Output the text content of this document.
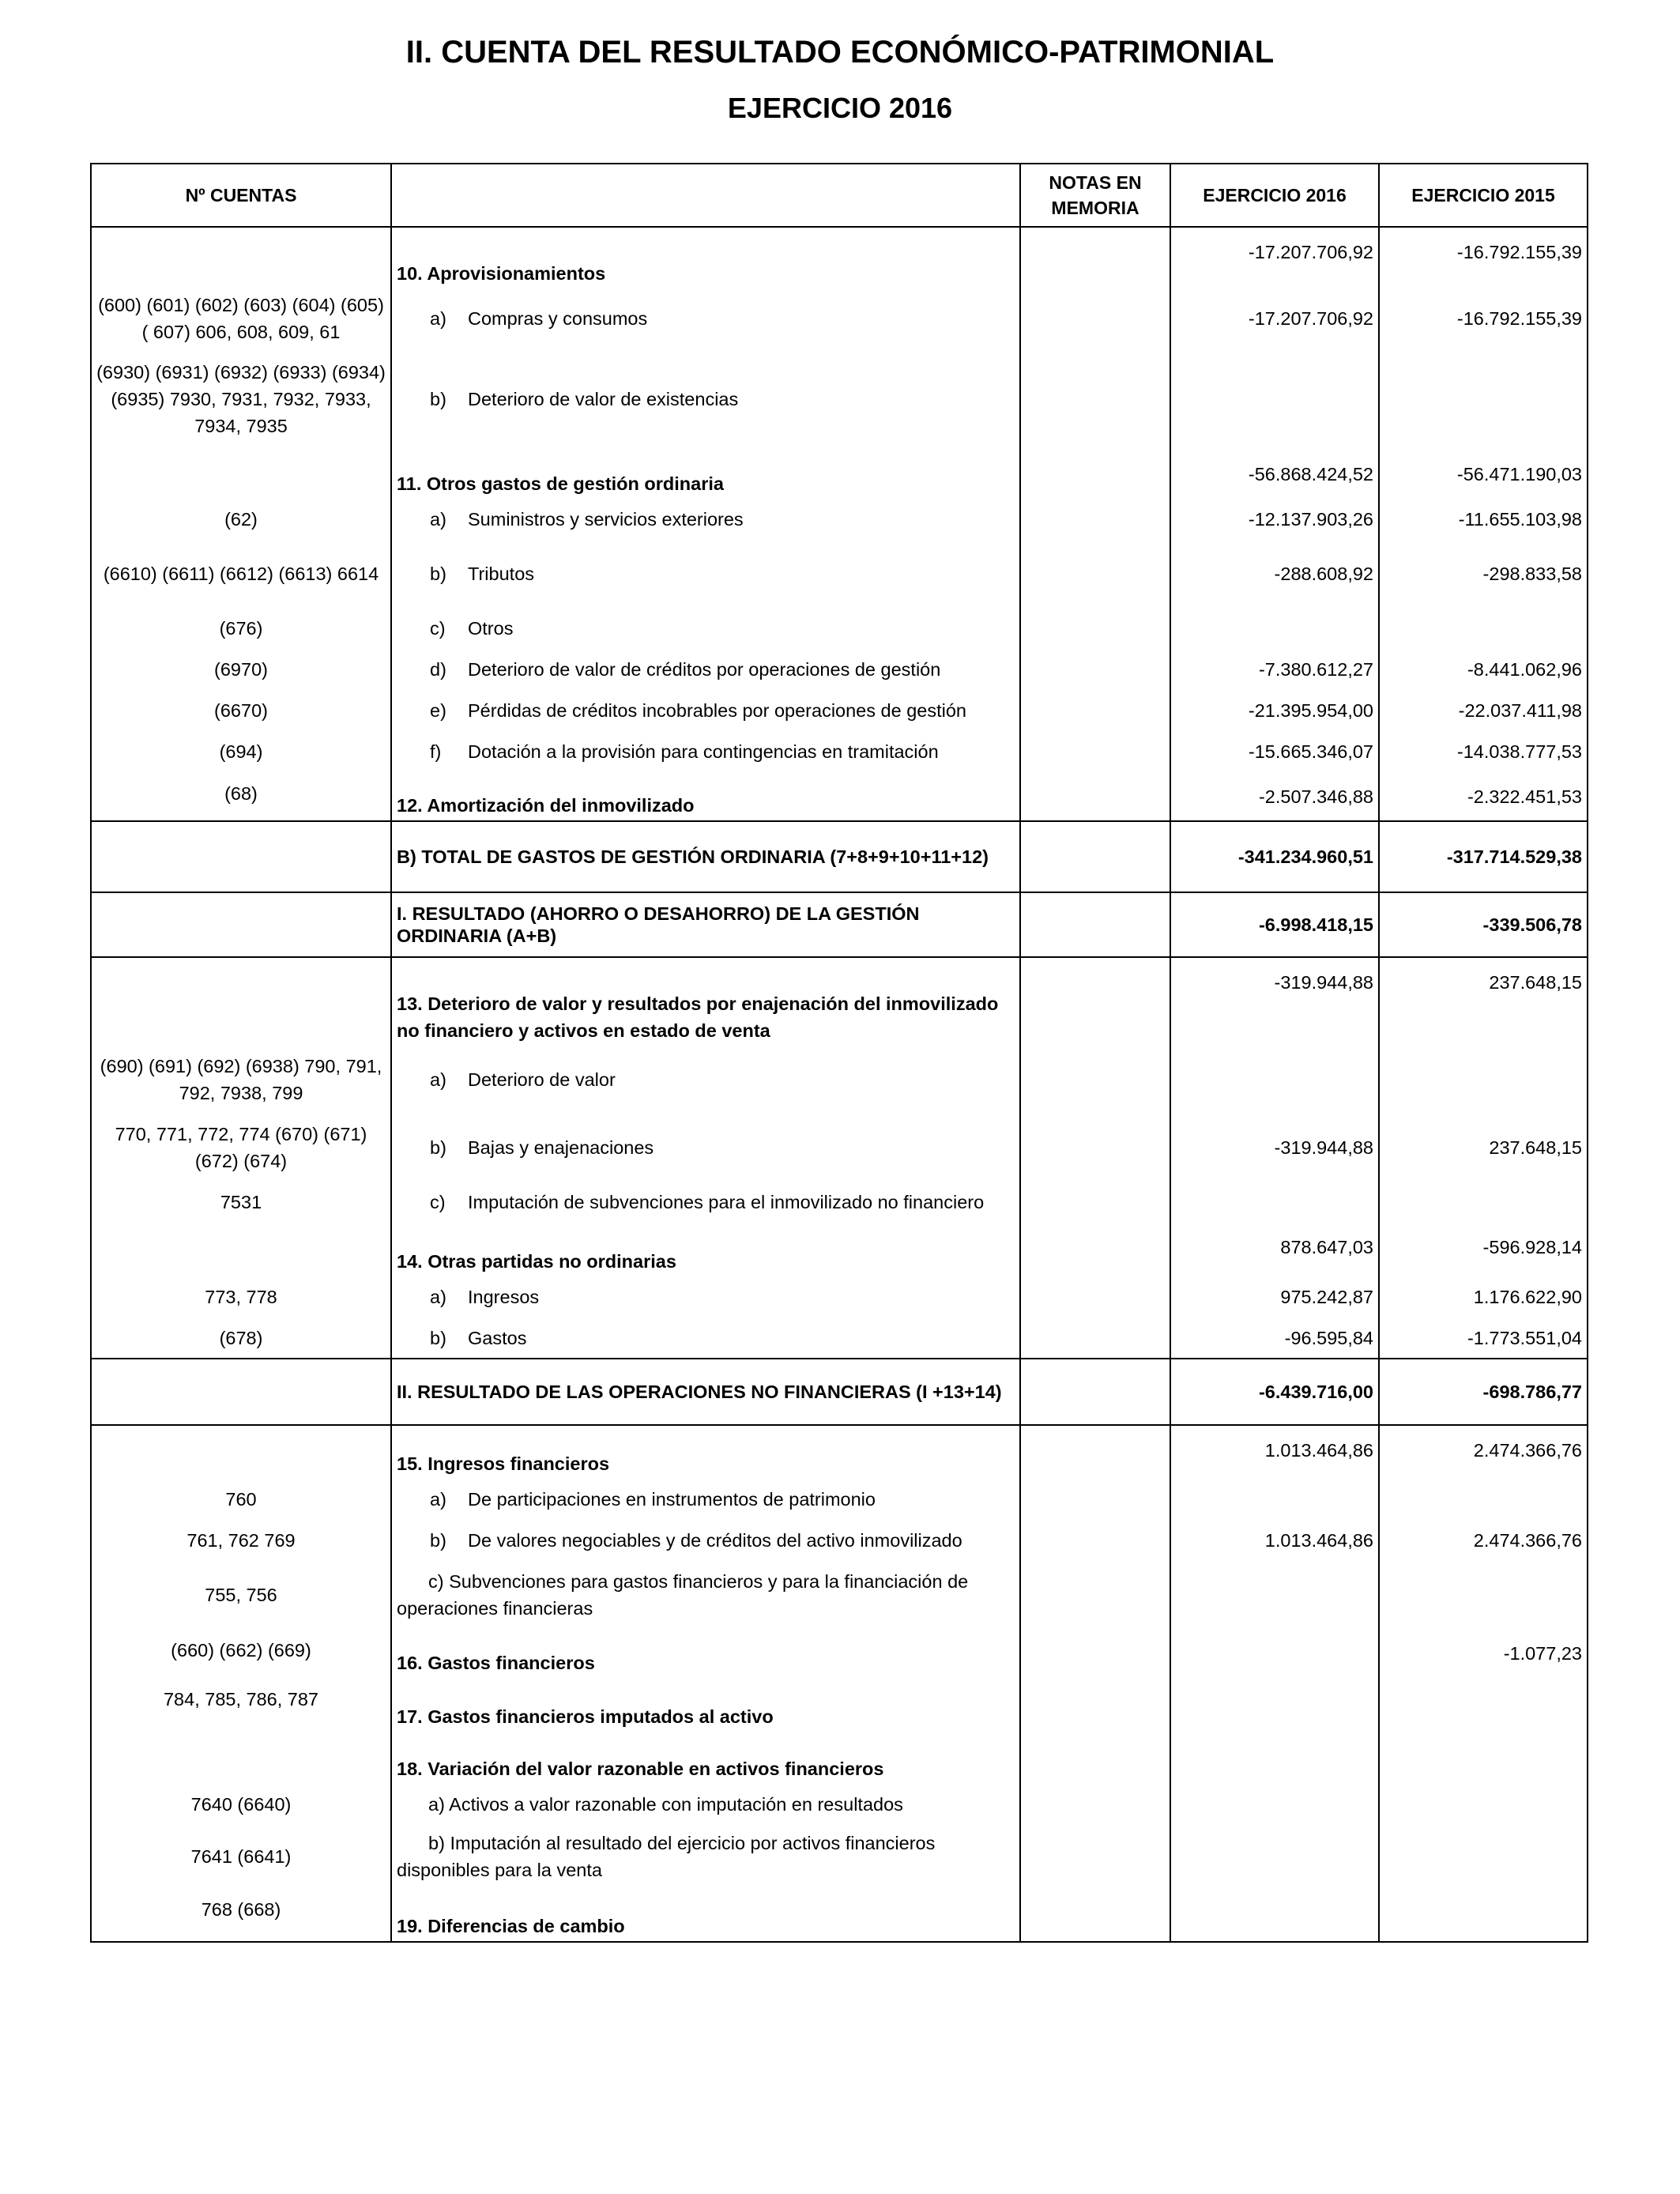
II. CUENTA DEL RESULTADO ECONÓMICO-PATRIMONIAL
EJERCICIO 2016
Nº CUENTAS		NOTAS EN MEMORIA	EJERCICIO 2016	EJERCICIO 2015
	10. Aprovisionamientos		-17.207.706,92	-16.792.155,39
(600) (601) (602) (603) (604) (605) ( 607) 606, 608, 609, 61	a) Compras y consumos		-17.207.706,92	-16.792.155,39
(6930) (6931) (6932) (6933) (6934) (6935) 7930, 7931, 7932, 7933, 7934, 7935	b) Deterioro de valor de existencias			
	11. Otros gastos de gestión ordinaria		-56.868.424,52	-56.471.190,03
(62)	a) Suministros y servicios exteriores		-12.137.903,26	-11.655.103,98
(6610) (6611) (6612) (6613) 6614	b) Tributos		-288.608,92	-298.833,58
(676)	c) Otros			
(6970)	d) Deterioro de valor de créditos por operaciones de gestión		-7.380.612,27	-8.441.062,96
(6670)	e) Pérdidas de créditos incobrables por operaciones de gestión		-21.395.954,00	-22.037.411,98
(694)	f) Dotación a la provisión para contingencias en tramitación		-15.665.346,07	-14.038.777,53
(68)	12. Amortización del inmovilizado		-2.507.346,88	-2.322.451,53
	B) TOTAL DE GASTOS DE GESTIÓN ORDINARIA (7+8+9+10+11+12)		-341.234.960,51	-317.714.529,38
	I. RESULTADO (AHORRO O DESAHORRO) DE LA GESTIÓN ORDINARIA (A+B)		-6.998.418,15	-339.506,78
	13. Deterioro de valor y resultados por enajenación del inmovilizado no financiero y activos en estado de venta		-319.944,88	237.648,15
(690) (691) (692) (6938) 790, 791, 792, 7938, 799	a) Deterioro de valor			
770, 771, 772, 774 (670) (671) (672) (674)	b) Bajas y enajenaciones		-319.944,88	237.648,15
7531	c) Imputación de subvenciones para el inmovilizado no financiero			
	14. Otras partidas no ordinarias		878.647,03	-596.928,14
773, 778	a) Ingresos		975.242,87	1.176.622,90
(678)	b) Gastos		-96.595,84	-1.773.551,04
	II. RESULTADO DE LAS OPERACIONES NO FINANCIERAS (I +13+14)		-6.439.716,00	-698.786,77
	15. Ingresos financieros		1.013.464,86	2.474.366,76
760	a) De participaciones en instrumentos de patrimonio			
761, 762 769	b) De valores negociables y de créditos del activo inmovilizado		1.013.464,86	2.474.366,76
755, 756	c) Subvenciones para gastos financieros y para la financiación de operaciones financieras			
(660) (662) (669)	16. Gastos financieros			-1.077,23
784, 785, 786, 787	17. Gastos financieros imputados al activo			
	18. Variación del valor razonable en activos financieros			
7640 (6640)	a) Activos a valor razonable con imputación en resultados			
7641 (6641)	b) Imputación al resultado del ejercicio por activos financieros disponibles para la venta			
768 (668)	19. Diferencias de cambio			
